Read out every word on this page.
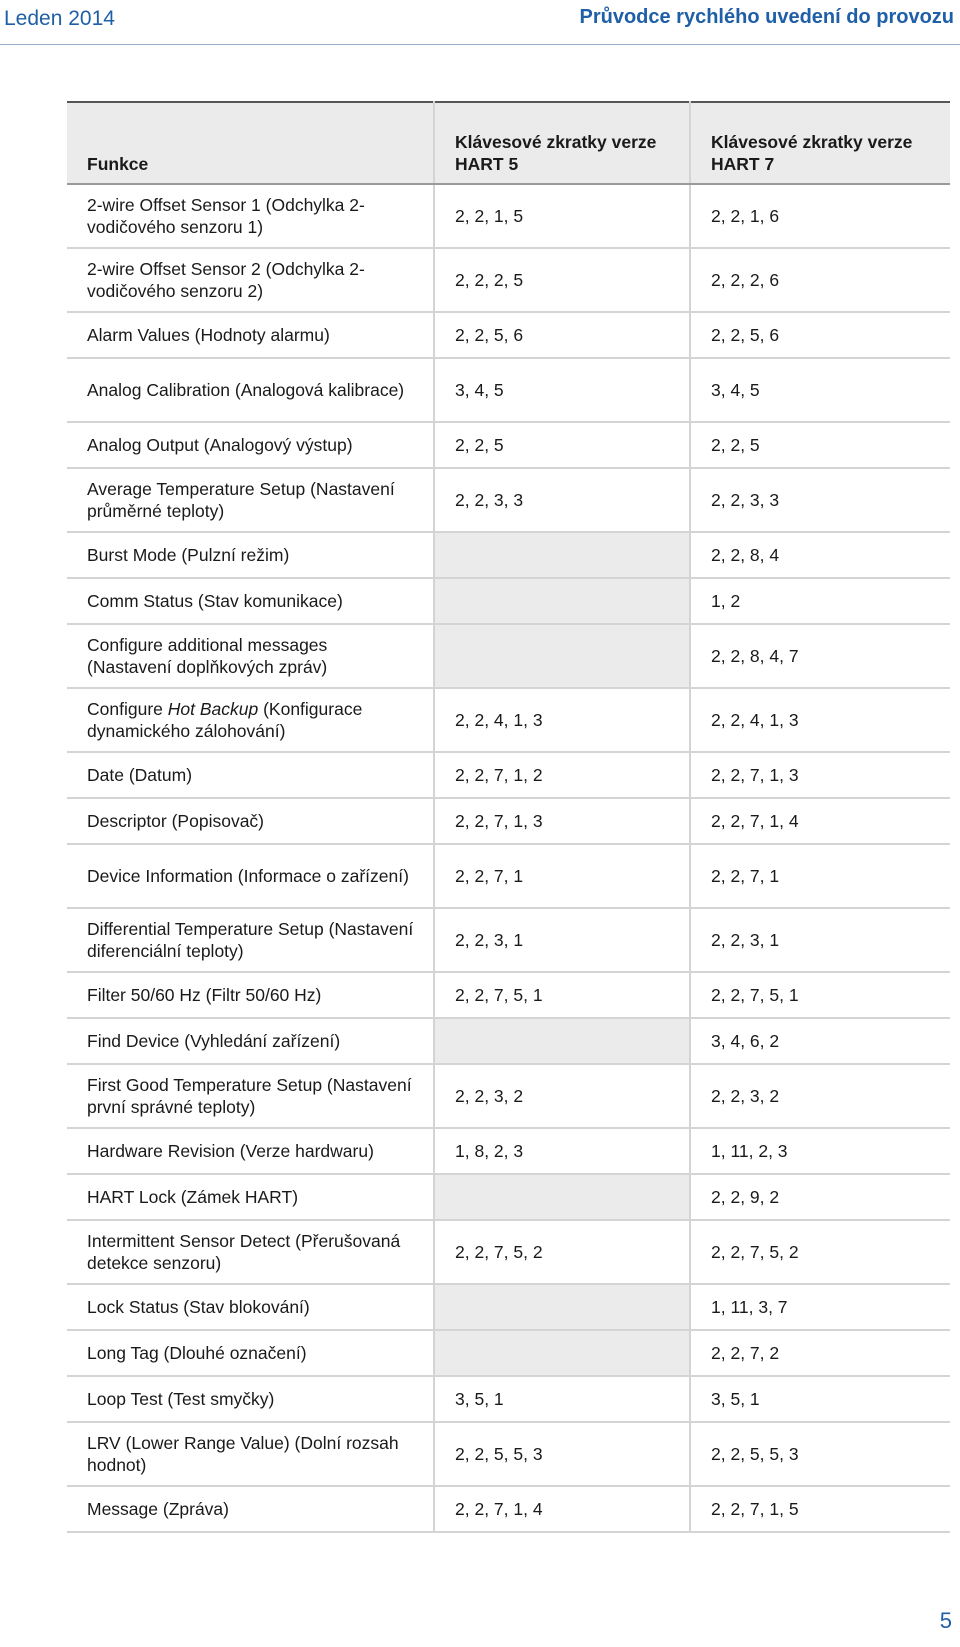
Leden 2014	Průvodce rychlého uvedení do provozu
Funkce	Klávesové zkratky verze HART 5	Klávesové zkratky verze HART 7
2-wire Offset Sensor 1 (Odchylka 2-vodičového senzoru 1)	2, 2, 1, 5	2, 2, 1, 6
2-wire Offset Sensor 2 (Odchylka 2-vodičového senzoru 2)	2, 2, 2, 5	2, 2, 2, 6
Alarm Values (Hodnoty alarmu)	2, 2, 5, 6	2, 2, 5, 6
Analog Calibration (Analogová kalibrace)	3, 4, 5	3, 4, 5
Analog Output (Analogový výstup)	2, 2, 5	2, 2, 5
Average Temperature Setup (Nastavení průměrné teploty)	2, 2, 3, 3	2, 2, 3, 3
Burst Mode (Pulzní režim)		2, 2, 8, 4
Comm Status (Stav komunikace)		1, 2
Configure additional messages (Nastavení doplňkových zpráv)		2, 2, 8, 4, 7
Configure Hot Backup (Konfigurace dynamického zálohování)	2, 2, 4, 1, 3	2, 2, 4, 1, 3
Date (Datum)	2, 2, 7, 1, 2	2, 2, 7, 1, 3
Descriptor (Popisovač)	2, 2, 7, 1, 3	2, 2, 7, 1, 4
Device Information (Informace o zařízení)	2, 2, 7, 1	2, 2, 7, 1
Differential Temperature Setup (Nastavení diferenciální teploty)	2, 2, 3, 1	2, 2, 3, 1
Filter 50/60 Hz (Filtr 50/60 Hz)	2, 2, 7, 5, 1	2, 2, 7, 5, 1
Find Device (Vyhledání zařízení)		3, 4, 6, 2
First Good Temperature Setup (Nastavení první správné teploty)	2, 2, 3, 2	2, 2, 3, 2
Hardware Revision (Verze hardwaru)	1, 8, 2, 3	1, 11, 2, 3
HART Lock (Zámek HART)		2, 2, 9, 2
Intermittent Sensor Detect (Přerušovaná detekce senzoru)	2, 2, 7, 5, 2	2, 2, 7, 5, 2
Lock Status (Stav blokování)		1, 11, 3, 7
Long Tag (Dlouhé označení)		2, 2, 7, 2
Loop Test (Test smyčky)	3, 5, 1	3, 5, 1
LRV (Lower Range Value) (Dolní rozsah hodnot)	2, 2, 5, 5, 3	2, 2, 5, 5, 3
Message (Zpráva)	2, 2, 7, 1, 4	2, 2, 7, 1, 5
5
